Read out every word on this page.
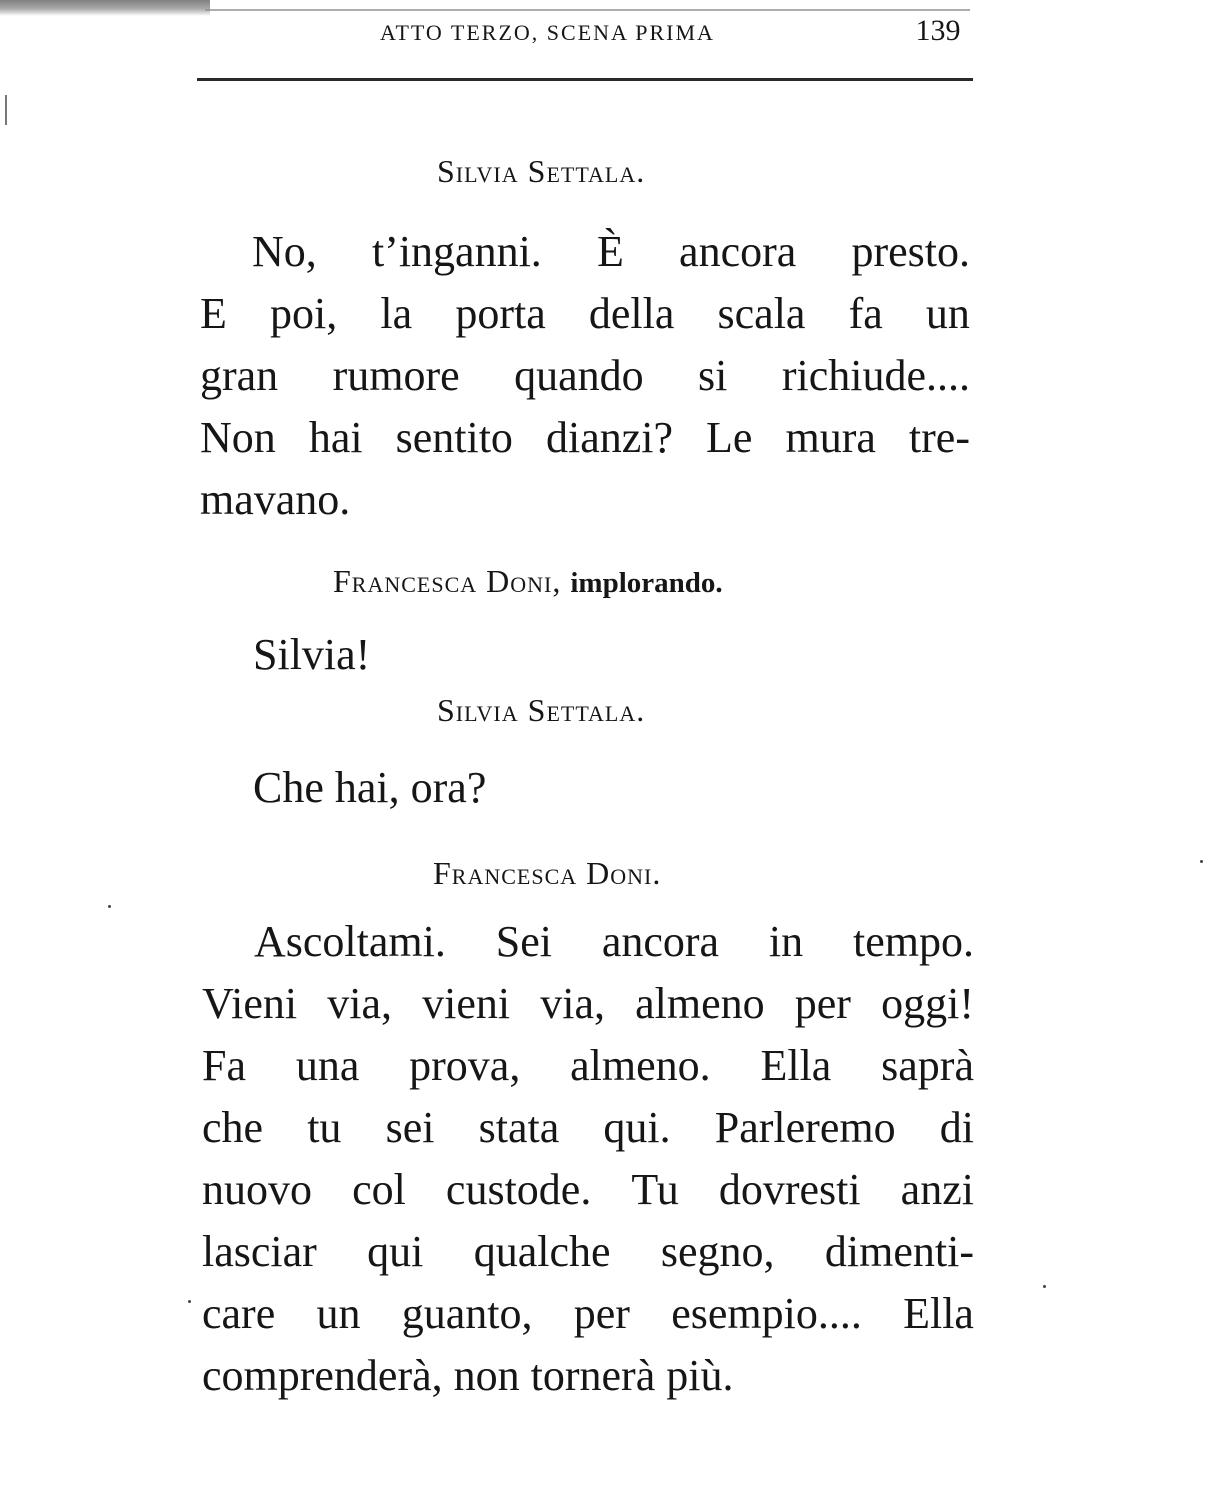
ATTO TERZO, SCENA PRIMA	139
Silvia Settala.
No, t’inganni. È ancora presto.
E poi, la porta della scala fa un
gran rumore quando si richiude....
Non hai sentito dianzi? Le mura tre-
mavano.
Francesca Doni, implorando.
Silvia!
Silvia Settala.
Che hai, ora?
Francesca Doni.
Ascoltami. Sei ancora in tempo.
Vieni via, vieni via, almeno per oggi!
Fa una prova, almeno. Ella saprà
che tu sei stata qui. Parleremo di
nuovo col custode. Tu dovresti anzi
lasciar qui qualche segno, dimenti-
care un guanto, per esempio.... Ella
comprenderà, non tornerà più.
